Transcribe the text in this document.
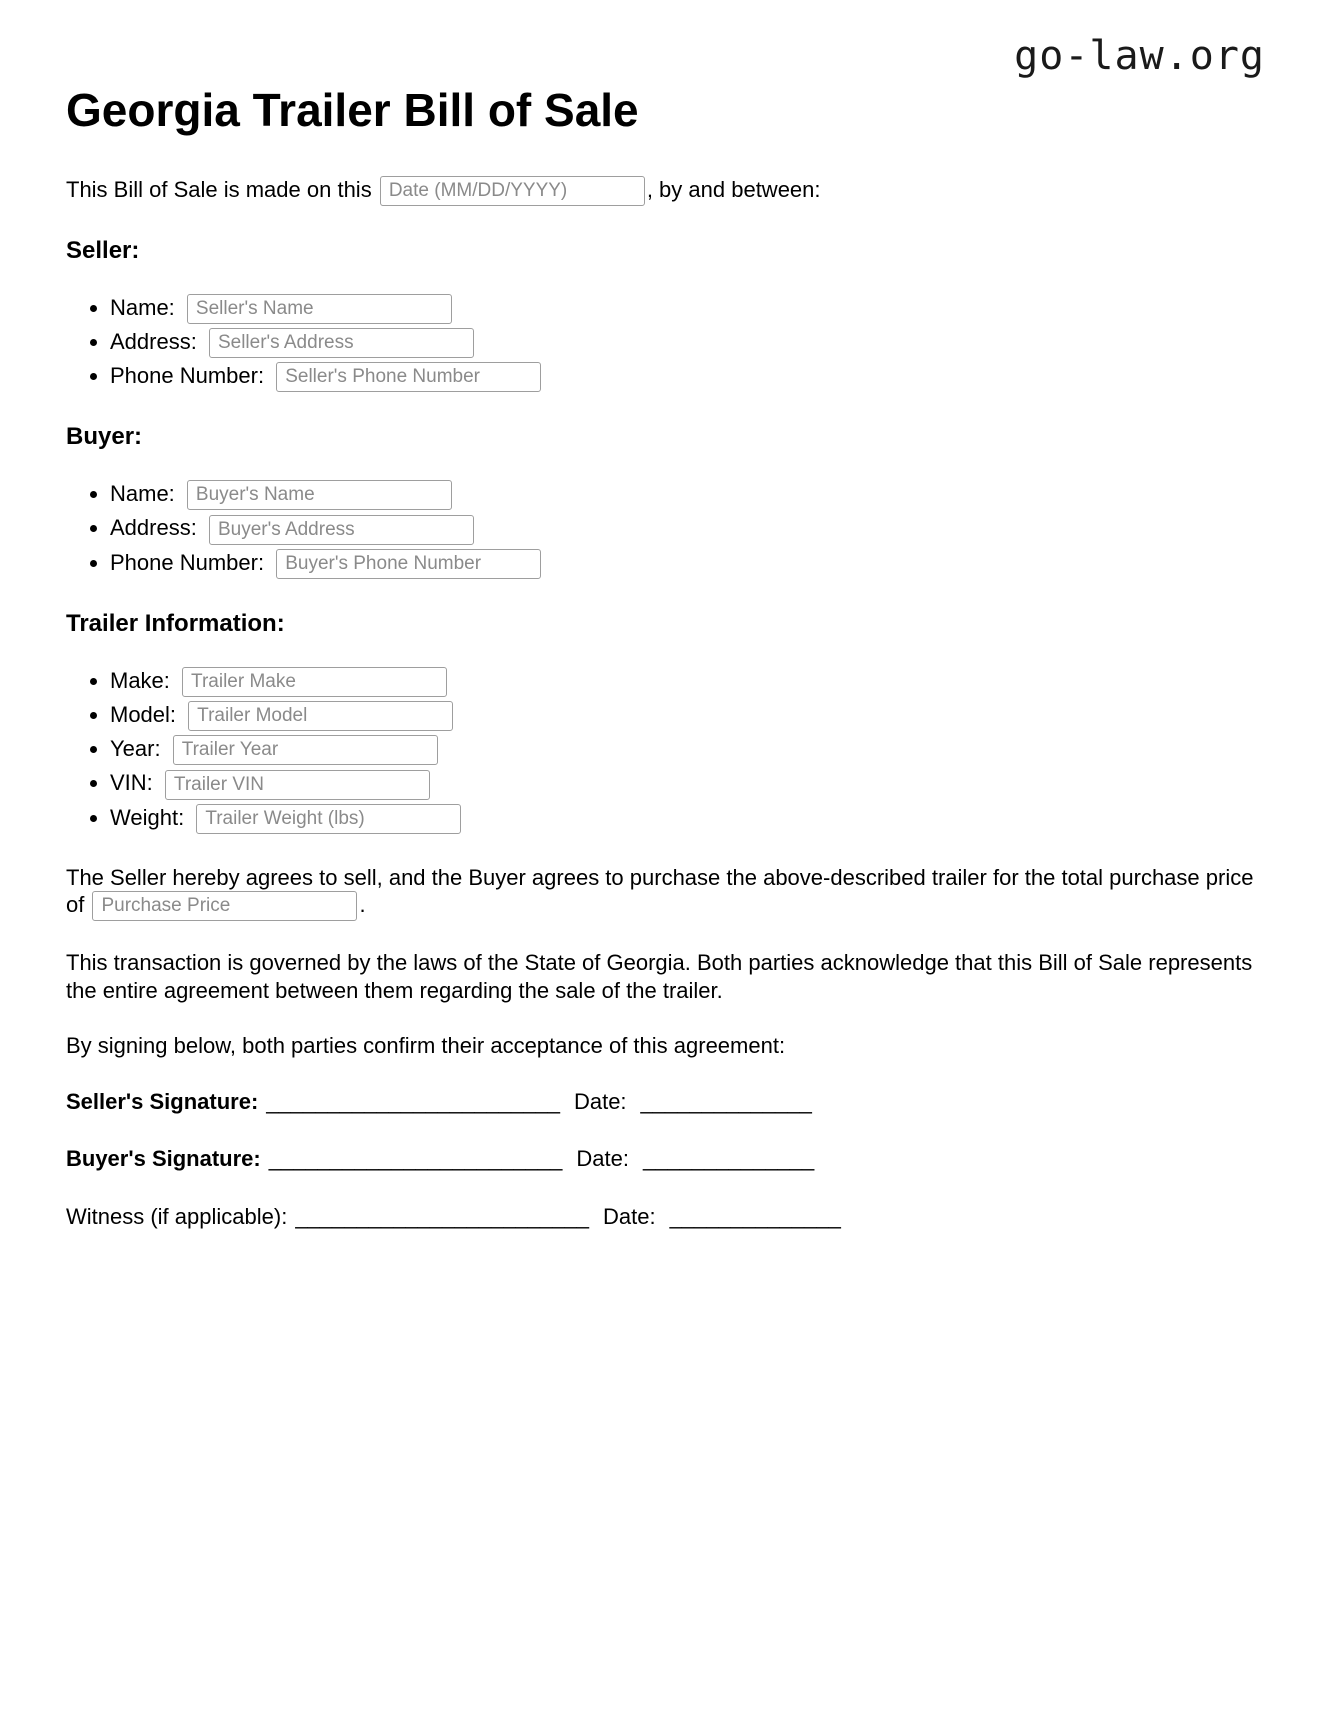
go-law.org
Georgia Trailer Bill of Sale

This Bill of Sale is made on this Date (MM/DD/YYYY)	, by and between:

Seller:
• Name: Seller's Name
• Address: Seller's Address
• Phone Number: Seller's Phone Number
Buyer:
• Name: Buyer's Name
• Address: Buyer's Address
• Phone Number: Buyer's Phone Number
Trailer Information:
• Make: Trailer Make
• Model: Trailer Model
• Year: Trailer Year
• VIN: Trailer VIN
• Weight: Trailer Weight (lbs)

The Seller hereby agrees to sell, and the Buyer agrees to purchase the above-described trailer for the total purchase price of Purchase Price	.

This transaction is governed by the laws of the State of Georgia. Both parties acknowledge that this Bill of Sale represents the entire agreement between them regarding the sale of the trailer.

By signing below, both parties confirm their acceptance of this agreement:

Seller's Signature: ________________________ Date: ______________
Buyer's Signature: ________________________ Date: ______________
Witness (if applicable): ________________________ Date: ______________
